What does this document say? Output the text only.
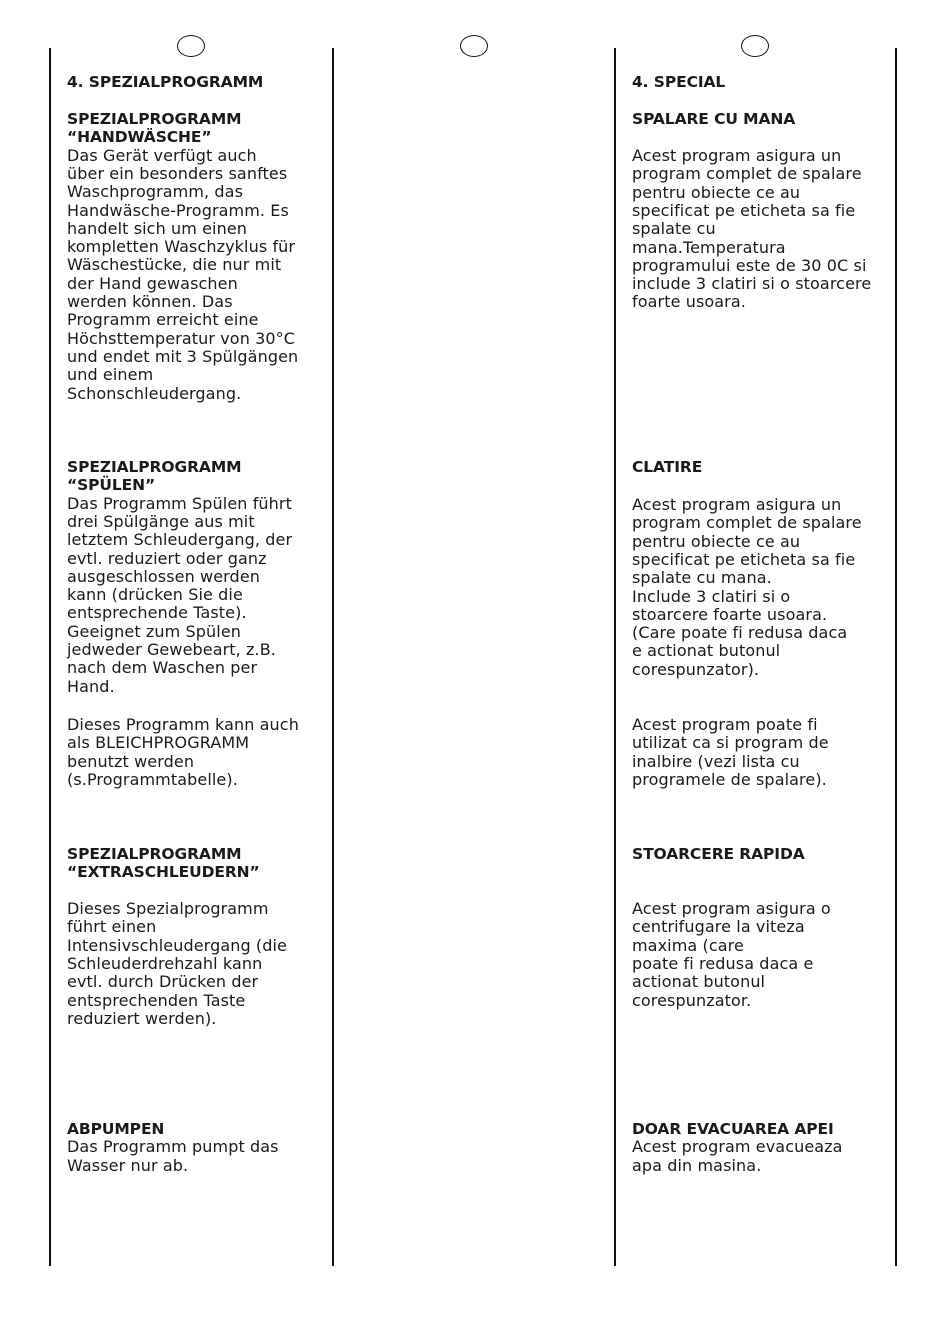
4. SPEZIALPROGRAMM
SPEZIALPROGRAMM
“HANDWÄSCHE”
Das Gerät verfügt auch
über ein besonders sanftes
Waschprogramm, das
Handwäsche-Programm. Es
handelt sich um einen
kompletten Waschzyklus für
Wäschestücke, die nur mit
der Hand gewaschen
werden können. Das
Programm erreicht eine
Höchsttemperatur von 30°C
und endet mit 3 Spülgängen
und einem
Schonschleudergang.
SPEZIALPROGRAMM
“SPÜLEN”
Das Programm Spülen führt
drei Spülgänge aus mit
letztem Schleudergang, der
evtl. reduziert oder ganz
ausgeschlossen werden
kann (drücken Sie die
entsprechende Taste).
Geeignet zum Spülen
jedweder Gewebeart, z.B.
nach dem Waschen per
Hand.
Dieses Programm kann auch
als BLEICHPROGRAMM
benutzt werden
(s.Programmtabelle).
SPEZIALPROGRAMM
“EXTRASCHLEUDERN”
Dieses Spezialprogramm
führt einen
Intensivschleudergang (die
Schleuderdrehzahl kann
evtl. durch Drücken der
entsprechenden Taste
reduziert werden).
ABPUMPEN
Das Programm pumpt das
Wasser nur ab.
4. SPECIAL
SPALARE CU MANA
Acest program asigura un
program complet de spalare
pentru obiecte ce au
specificat pe eticheta sa fie
spalate cu
mana.Temperatura
programului este de 30 0C si
include 3 clatiri si o stoarcere
foarte usoara.
CLATIRE
Acest program asigura un
program complet de spalare
pentru obiecte ce au
specificat pe eticheta sa fie
spalate cu mana.
Include 3 clatiri si o
stoarcere foarte usoara.
(Care poate fi redusa daca
e actionat butonul
corespunzator).
Acest program poate fi
utilizat ca si program de
inalbire (vezi lista cu
programele de spalare).
STOARCERE RAPIDA
Acest program asigura o
centrifugare la viteza
maxima (care
poate fi redusa daca e
actionat butonul
corespunzator.
DOAR EVACUAREA APEI
Acest program evacueaza
apa din masina.
